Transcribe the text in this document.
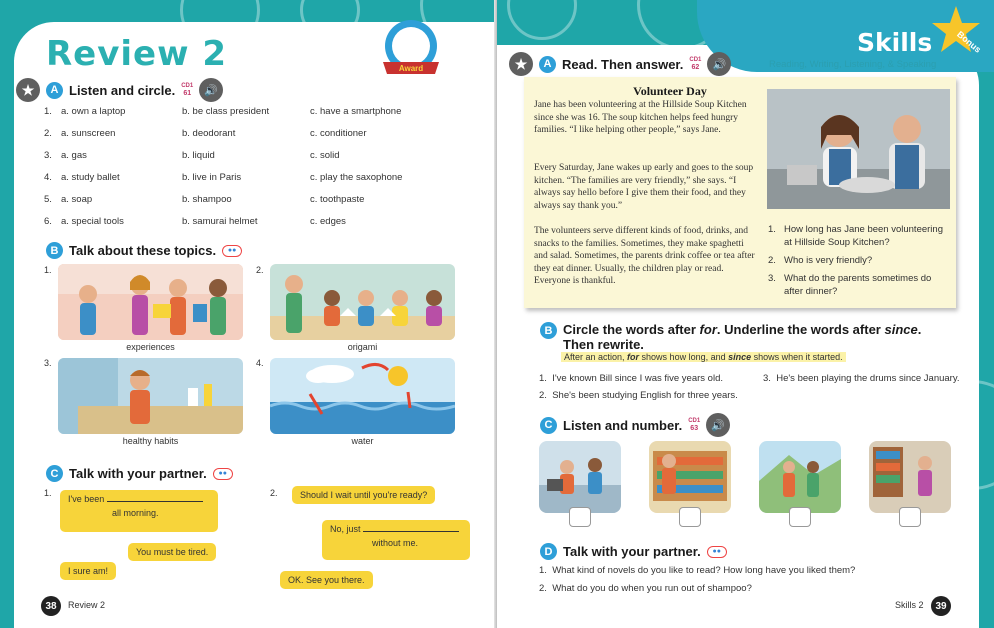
Review 2	Award
★	A Listen and circle. CD1
61	🔊
1. a. own a laptop	b. be class president	c. have a smartphone
2. a. sunscreen	b. deodorant	c. conditioner
3. a. gas	b. liquid	c. solid
4. a. study ballet	b. live in Paris	c. play the saxophone
5. a. soap	b. shampoo	c. toothpaste
6. a. special tools	b. samurai helmet	c. edges
B Talk about these topics.	●●
1.
experiences
2.
origami
3.
healthy habits
4.
water
C Talk with your partner.	●●
1.
I've been
all morning.
You must be tired.
I sure am!
2.	Should I wait until you're ready?
No, just
without me.
OK. See you there.
38	Review 2
Skills	Bonus
Reading, Writing, Listening, & Speaking
★	A Read. Then answer. CD1
62	🔊
Volunteer Day
Jane has been volunteering at the Hillside Soup Kitchen since she was 16. The soup kitchen helps feed hungry families. “I like helping other people,” says Jane.
Every Saturday, Jane wakes up early and goes to the soup kitchen. “The families are very friendly,” she says. “I always say hello before I give them their food, and they always say thank you.”
The volunteers serve different kinds of food, drinks, and snacks to the families. Sometimes, they make spaghetti and salad. Sometimes, the parents drink coffee or tea after they eat dinner. Usually, the children play or read. Everyone is thankful.
1. How long has Jane been volunteering at Hillside Soup Kitchen?
2. Who is very friendly?
3. What do the parents sometimes do after dinner?
B Circle the words after for. Underline the words after since.
Then rewrite.
After an action, for shows how long, and since shows when it started.
1. I've known Bill since I was five years old.
2. She's been studying English for three years.
3. He's been playing the drums since January.
C Listen and number. CD1
63	🔊
D Talk with your partner.	●●
1. What kind of novels do you like to read? How long have you liked them?
2. What do you do when you run out of shampoo?
Skills 2	39
